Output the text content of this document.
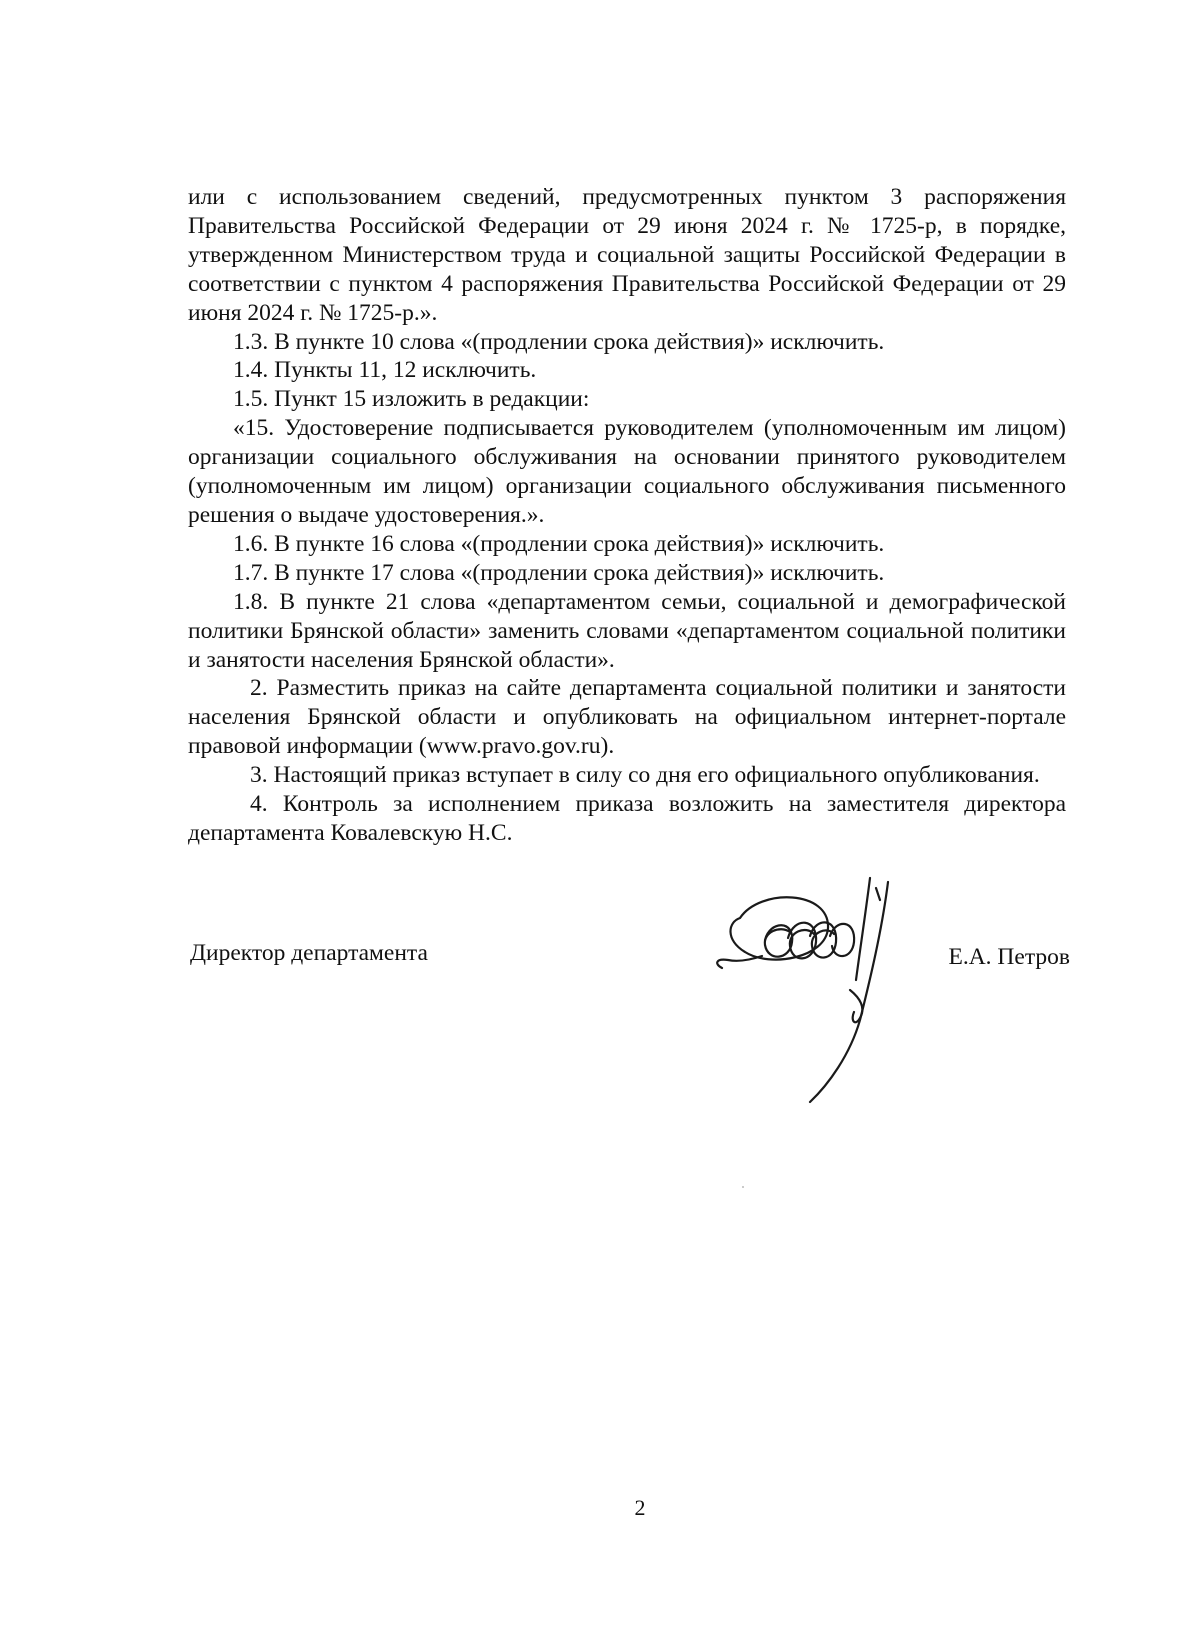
или с использованием сведений, предусмотренных пунктом 3 распоряжения Правительства Российской Федерации от 29 июня 2024 г. № 1725-р, в порядке, утвержденном Министерством труда и социальной защиты Российской Федерации в соответствии с пунктом 4 распоряжения Правительства Российской Федерации от 29 июня 2024 г. № 1725-р.».

1.3. В пункте 10 слова «(продлении срока действия)» исключить.

1.4. Пункты 11, 12 исключить.

1.5. Пункт 15 изложить в редакции:

«15. Удостоверение подписывается руководителем (уполномоченным им лицом) организации социального обслуживания на основании принятого руководителем (уполномоченным им лицом) организации социального обслуживания письменного решения о выдаче удостоверения.».

1.6. В пункте 16 слова «(продлении срока действия)» исключить.

1.7. В пункте 17 слова «(продлении срока действия)» исключить.

1.8. В пункте 21 слова «департаментом семьи, социальной и демографической политики Брянской области» заменить словами «департаментом социальной политики и занятости населения Брянской области».

2. Разместить приказ на сайте департамента социальной политики и занятости населения Брянской области и опубликовать на официальном интернет-портале правовой информации (www.pravo.gov.ru).

3. Настоящий приказ вступает в силу со дня его официального опубликования.

4. Контроль за исполнением приказа возложить на заместителя директора департамента Ковалевскую Н.С.

Директор департамента	Е.А. Петров
2
